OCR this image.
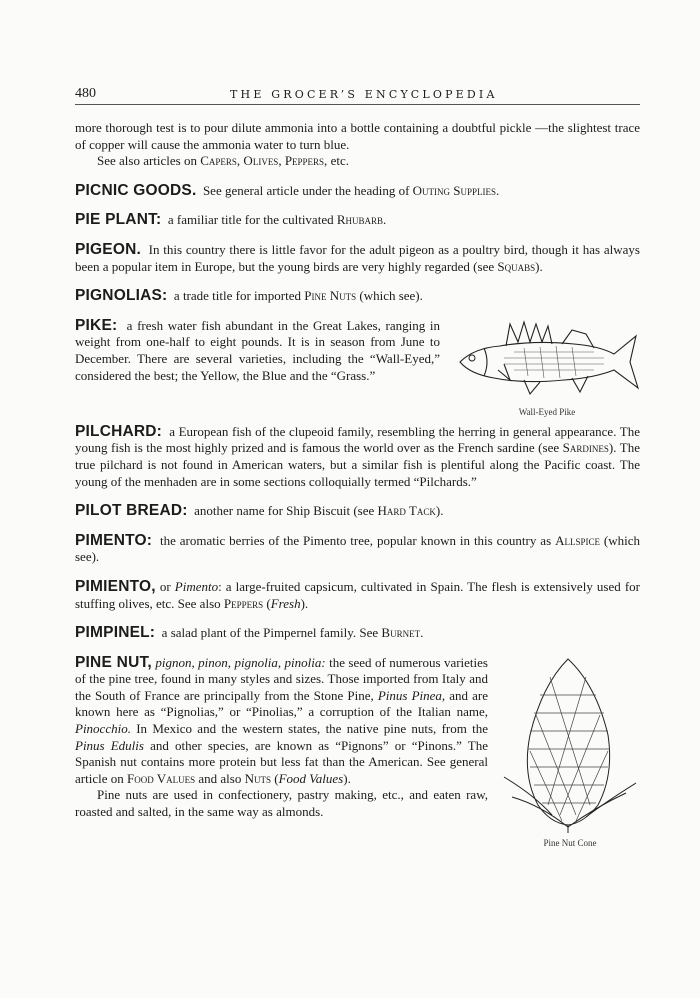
480	THE GROCER’S ENCYCLOPEDIA

more thorough test is to pour dilute ammonia into a bottle containing a doubtful pickle —the slightest trace of copper will cause the ammonia water to turn blue.

See also articles on Capers, Olives, Peppers, etc.

PICNIC GOODS. See general article under the heading of Outing Supplies.

PIE PLANT: a familiar title for the cultivated Rhubarb.

PIGEON. In this country there is little favor for the adult pigeon as a poultry bird, though it has always been a popular item in Europe, but the young birds are very highly regarded (see Squabs).

PIGNOLIAS: a trade title for imported Pine Nuts (which see).

Wall-Eyed Pike

PIKE: a fresh water fish abundant in the Great Lakes, ranging in weight from one-half to eight pounds. It is in season from June to December. There are several varieties, including the “Wall-Eyed,” considered the best; the Yellow, the Blue and the “Grass.”

PILCHARD: a European fish of the clupeoid family, resembling the herring in general appearance. The young fish is the most highly prized and is famous the world over as the French sardine (see Sardines). The true pilchard is not found in American waters, but a similar fish is plentiful along the Pacific coast. The young of the menhaden are in some sections colloquially termed “Pilchards.”

PILOT BREAD: another name for Ship Biscuit (see Hard Tack).

PIMENTO: the aromatic berries of the Pimento tree, popular known in this country as Allspice (which see).

PIMIENTO, or Pimento: a large-fruited capsicum, cultivated in Spain. The flesh is extensively used for stuffing olives, etc. See also Peppers (Fresh).

PIMPINEL: a salad plant of the Pimpernel family. See Burnet.

Pine Nut Cone

PINE NUT, pignon, pinon, pignolia, pinolia: the seed of numerous varieties of the pine tree, found in many styles and sizes. Those imported from Italy and the South of France are principally from the Stone Pine, Pinus Pinea, and are known here as “Pignolias,” or “Pinolias,” a corruption of the Italian name, Pinocchio. In Mexico and the western states, the native pine nuts, from the Pinus Edulis and other species, are known as “Pignons” or “Pinons.” The Spanish nut contains more protein but less fat than the American. See general article on Food Values and also Nuts (Food Values).

Pine nuts are used in confectionery, pastry making, etc., and eaten raw, roasted and salted, in the same way as almonds.
